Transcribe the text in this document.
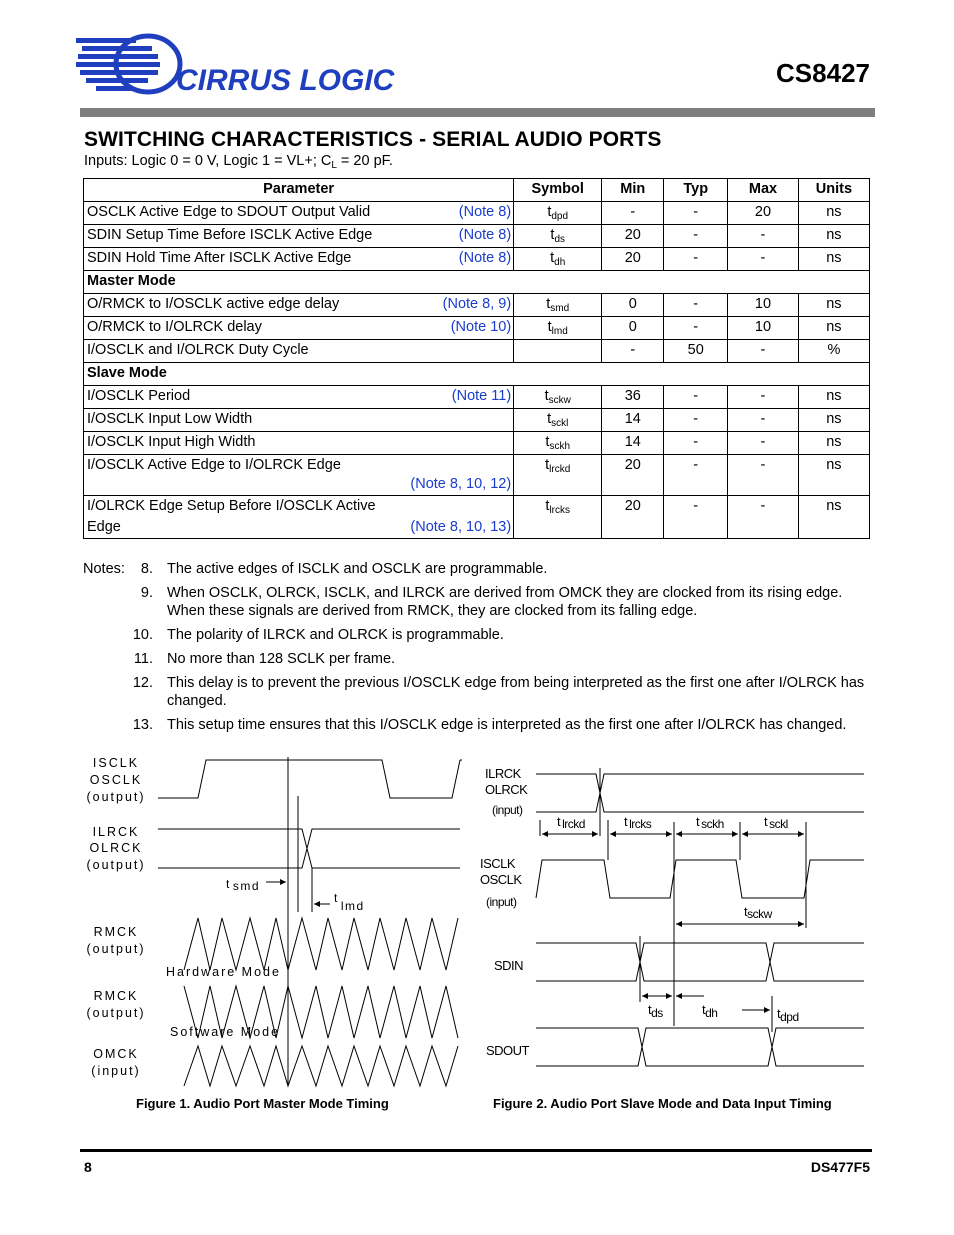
CIRRUS LOGIC	CS8427
SWITCHING CHARACTERISTICS - SERIAL AUDIO PORTS
Inputs: Logic 0 = 0 V, Logic 1 = VL+; $C_L = 20$ pF.
Parameter		Symbol	Min	Typ	Max	Units
OSCLK Active Edge to SDOUT Output Valid	(Note 8)	$t_{dpd}$	-	-	20	ns
SDIN Setup Time Before ISCLK Active Edge	(Note 8)	$t_{ds}$	20	-	-	ns
SDIN Hold Time After ISCLK Active Edge	(Note 8)	$t_{dh}$	20	-	-	ns
Master Mode						
O/RMCK to I/OSCLK active edge delay	(Note 8, 9)	$t_{smd}$	0	-	10	ns
O/RMCK to I/OLRCK delay	(Note 10)	$t_{lmd}$	0	-	10	ns
I/OSCLK and I/OLRCK Duty Cycle			-	50	-	%
Slave Mode						
I/OSCLK Period	(Note 11)	$t_{sckw}$	36	-	-	ns
I/OSCLK Input Low Width		$t_{sckl}$	14	-	-	ns
I/OSCLK Input High Width		$t_{sckh}$	14	-	-	ns
I/OSCLK Active Edge to I/OLRCK Edge	(Note 8, 10, 12)	$t_{lrckd}$	20	-	-	ns
I/OLRCK Edge Setup Before I/OSCLK Active Edge	(Note 8, 10, 13)	$t_{lrcks}$	20	-	-	ns
Notes:	8. The active edges of ISCLK and OSCLK are programmable.
9. When OSCLK, OLRCK, ISCLK, and ILRCK are derived from OMCK they are clocked from its rising edge. When these signals are derived from RMCK, they are clocked from its falling edge.
10. The polarity of ILRCK and OLRCK is programmable.
11. No more than 128 SCLK per frame.
12. This delay is to prevent the previous I/OSCLK edge from being interpreted as the first one after I/OLRCK has changed.
13. This setup time ensures that this I/OSCLK edge is interpreted as the first one after I/OLRCK has changed.
ISCLK
OSCLK
(output)
ILRCK
OLRCK
(output)
RMCK
(output)
RMCK
(output)
OMCK
(input)
t smd
tlmd
Hardware Mode
Software Mode
Figure 1. Audio Port Master Mode Timing
ILRCK
OLRCK
(input)
ISCLK
OSCLK
(input)
SDIN
SDOUT
t lrckd	t lrcks	t sckh	t sckl
tsckw
tds	tdh	tdpd
Figure 2. Audio Port Slave Mode and Data Input Timing
8	DS477F5
